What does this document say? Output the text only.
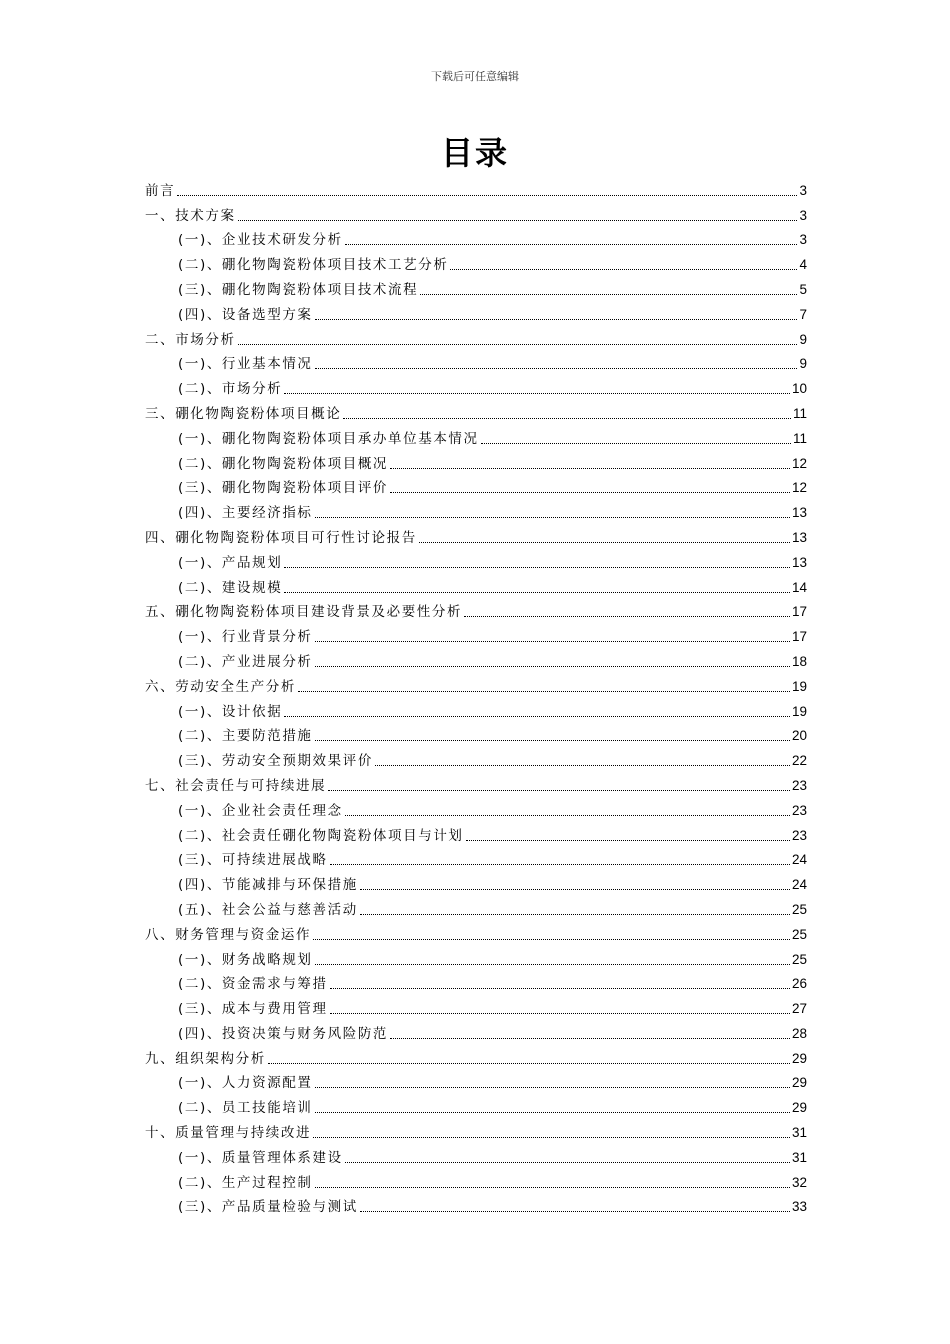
下载后可任意编辑
目录
前言	3
一、技术方案	3
(一)、企业技术研发分析	3
(二)、硼化物陶瓷粉体项目技术工艺分析	4
(三)、硼化物陶瓷粉体项目技术流程	5
(四)、设备选型方案	7
二、市场分析	9
(一)、行业基本情况	9
(二)、市场分析	10
三、硼化物陶瓷粉体项目概论	11
(一)、硼化物陶瓷粉体项目承办单位基本情况	11
(二)、硼化物陶瓷粉体项目概况	12
(三)、硼化物陶瓷粉体项目评价	12
(四)、主要经济指标	13
四、硼化物陶瓷粉体项目可行性讨论报告	13
(一)、产品规划	13
(二)、建设规模	14
五、硼化物陶瓷粉体项目建设背景及必要性分析	17
(一)、行业背景分析	17
(二)、产业进展分析	18
六、劳动安全生产分析	19
(一)、设计依据	19
(二)、主要防范措施	20
(三)、劳动安全预期效果评价	22
七、社会责任与可持续进展	23
(一)、企业社会责任理念	23
(二)、社会责任硼化物陶瓷粉体项目与计划	23
(三)、可持续进展战略	24
(四)、节能减排与环保措施	24
(五)、社会公益与慈善活动	25
八、财务管理与资金运作	25
(一)、财务战略规划	25
(二)、资金需求与筹措	26
(三)、成本与费用管理	27
(四)、投资决策与财务风险防范	28
九、组织架构分析	29
(一)、人力资源配置	29
(二)、员工技能培训	29
十、质量管理与持续改进	31
(一)、质量管理体系建设	31
(二)、生产过程控制	32
(三)、产品质量检验与测试	33
